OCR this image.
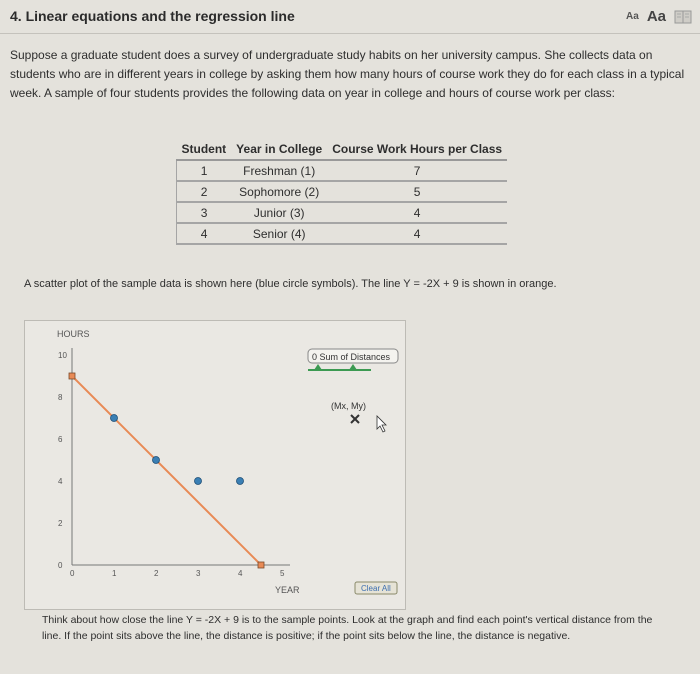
4. Linear equations and the regression line	Aa Aa
Suppose a graduate student does a survey of undergraduate study habits on her university campus. She collects data on students who are in different years in college by asking them how many hours of course work they do for each class in a typical week. A sample of four students provides the following data on year in college and hours of course work per class:
Student	Year in College	Course Work Hours per Class
1	Freshman (1)	7
2	Sophomore (2)	5
3	Junior (3)	4
4	Senior (4)	4
A scatter plot of the sample data is shown here (blue circle symbols). The line Y = -2X + 9 is shown in orange.
HOURS
YEAR
0
2
4
6
8
10
0	1	2	3	4	5
0 Sum of Distances
(Mx, My)
Clear All
Think about how close the line Y = -2X + 9 is to the sample points. Look at the graph and find each point's vertical distance from the line. If the point sits above the line, the distance is positive; if the point sits below the line, the distance is negative.
